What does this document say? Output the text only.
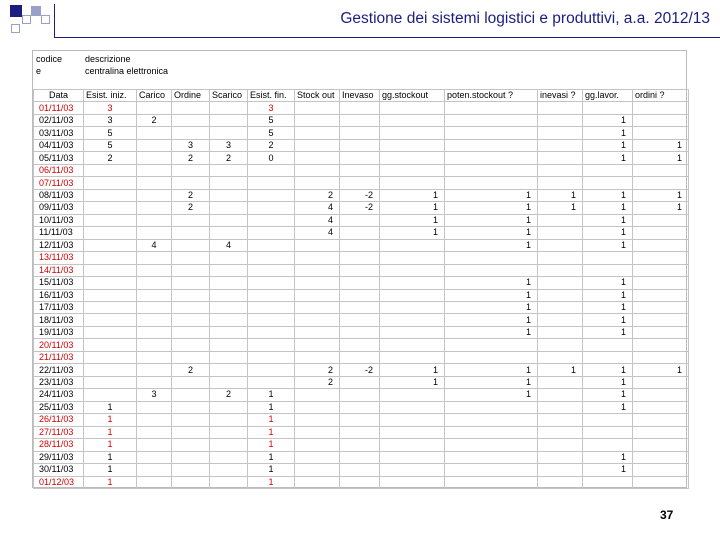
Gestione dei sistemi logistici e produttivi, a.a. 2012/13
codice	descrizione
e	centralina elettronica
Data	Esist. iniz.	Carico	Ordine	Scarico	Esist. fin.	Stock out	Inevaso	gg.stockout	poten.stockout ?	inevasi ?	gg.lavor.	ordini ?
01/11/03	3				3							
02/11/03	3	2			5						1	
03/11/03	5				5						1	
04/11/03	5		3	3	2						1	1
05/11/03	2		2	2	0						1	1
06/11/03												
07/11/03												
08/11/03			2			2	-2	1	1	1	1	1
09/11/03			2			4	-2	1	1	1	1	1
10/11/03						4		1	1		1	
11/11/03						4		1	1		1	
12/11/03		4		4					1		1	
13/11/03												
14/11/03												
15/11/03									1		1	
16/11/03									1		1	
17/11/03									1		1	
18/11/03									1		1	
19/11/03									1		1	
20/11/03												
21/11/03												
22/11/03			2			2	-2	1	1	1	1	1
23/11/03						2		1	1		1	
24/11/03		3		2	1				1		1	
25/11/03	1				1						1	
26/11/03	1				1							
27/11/03	1				1							
28/11/03	1				1							
29/11/03	1				1						1	
30/11/03	1				1						1	
01/12/03	1				1							
37
